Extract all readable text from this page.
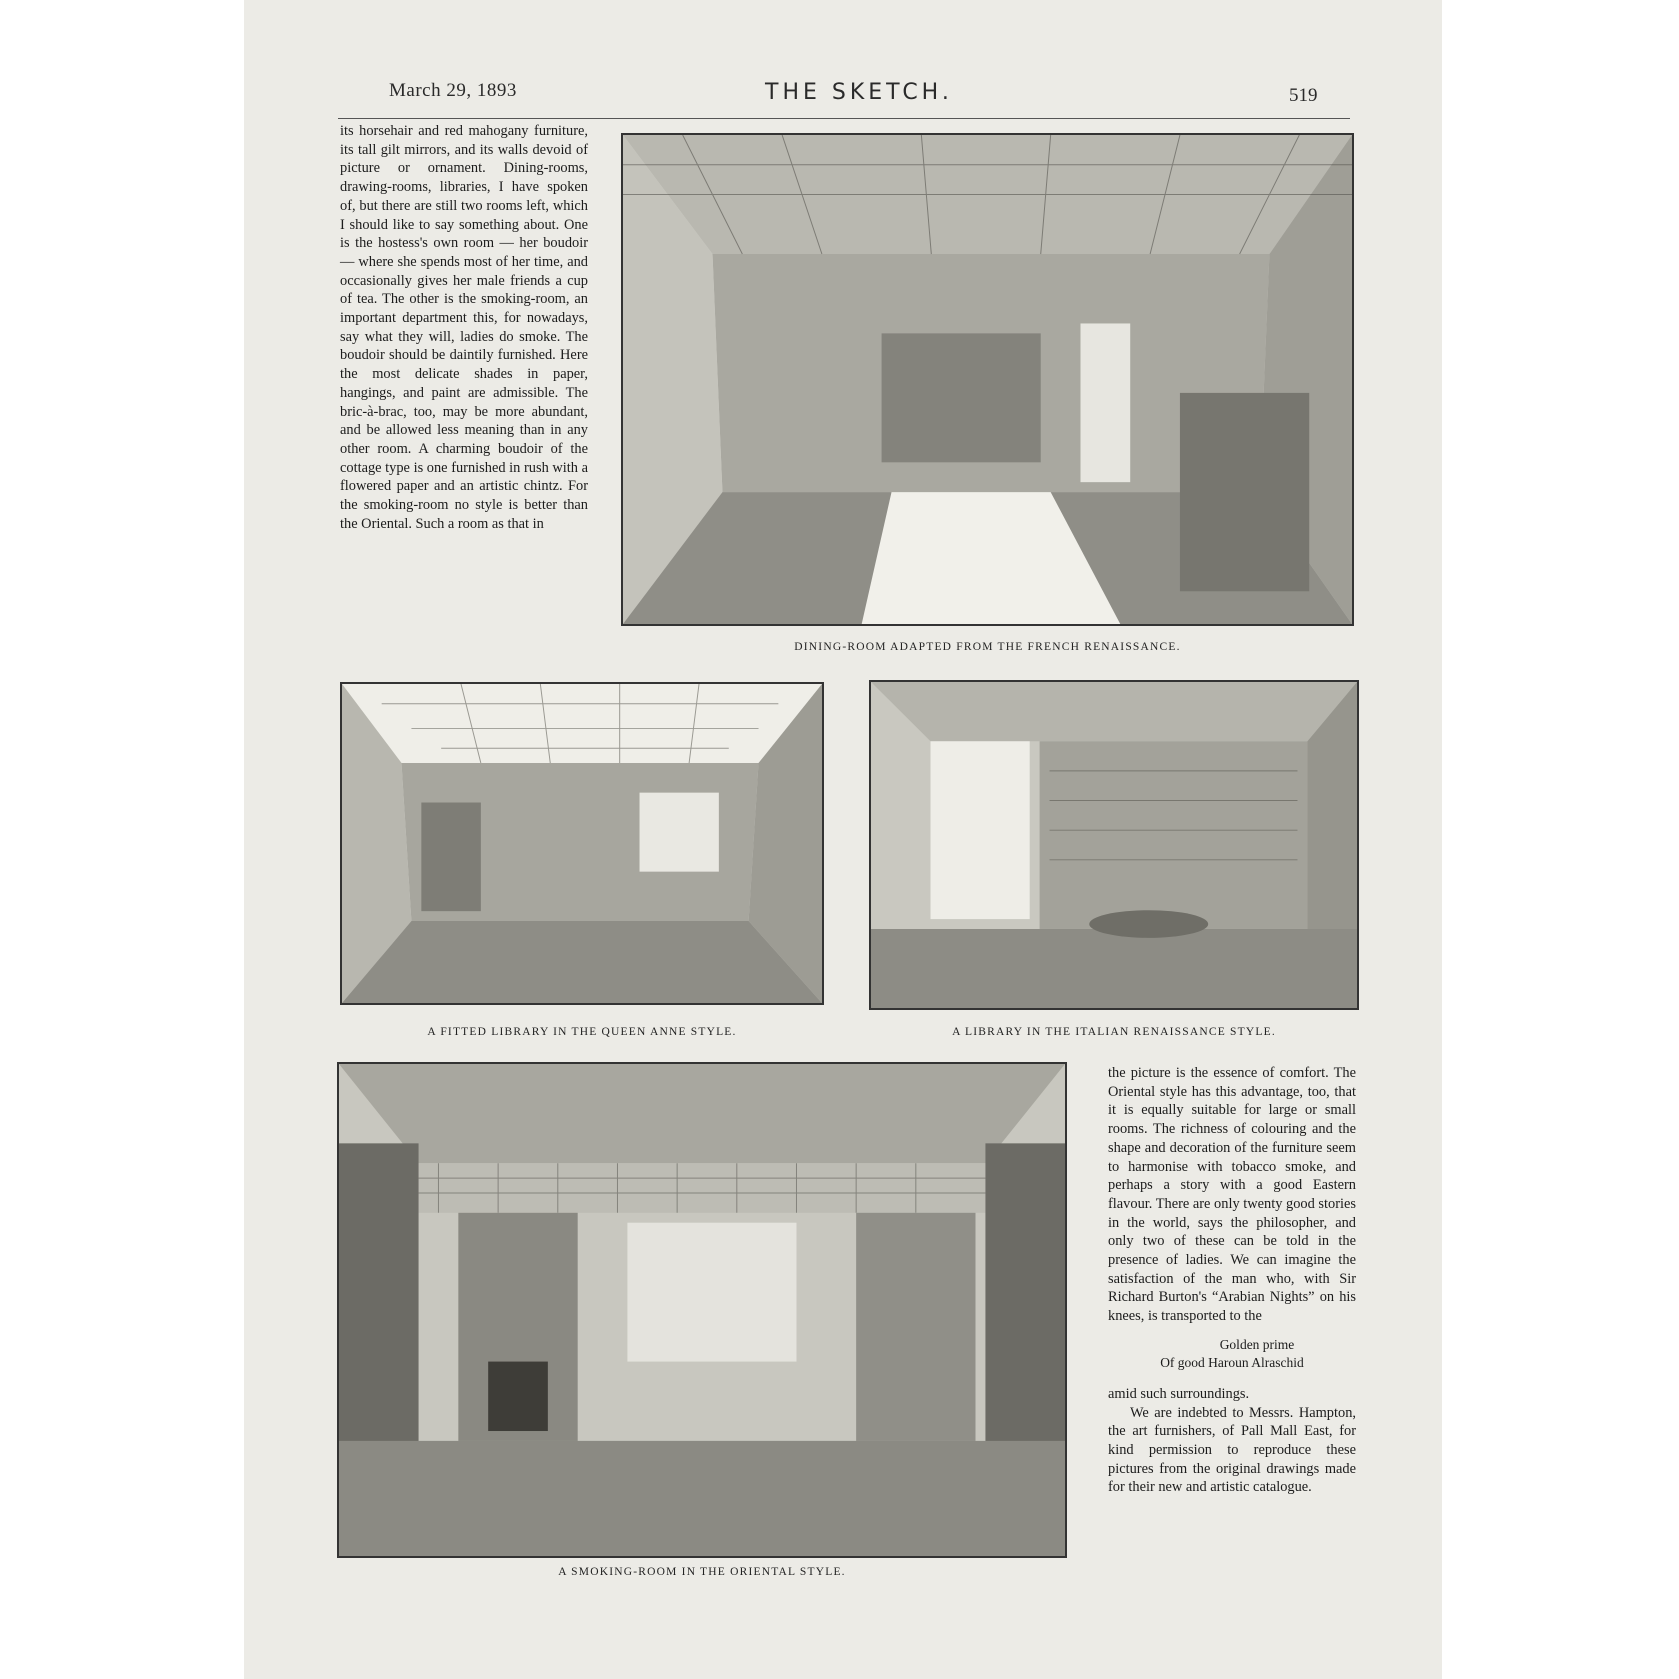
March 29, 1893	THE SKETCH.	519

its horsehair and red mahogany furniture, its tall gilt mirrors, and its walls devoid of picture or ornament. Dining-rooms, drawing-rooms, libraries, I have spoken of, but there are still two rooms left, which I should like to say something about. One is the hostess's own room — her boudoir — where she spends most of her time, and occasionally gives her male friends a cup of tea. The other is the smoking-room, an important department this, for nowadays, say what they will, ladies do smoke. The boudoir should be daintily furnished. Here the most delicate shades in paper, hangings, and paint are admissible. The bric-à-brac, too, may be more abundant, and be allowed less meaning than in any other room. A charming boudoir of the cottage type is one furnished in rush with a flowered paper and an artistic chintz. For the smoking-room no style is better than the Oriental. Such a room as that in

DINING-ROOM ADAPTED FROM THE FRENCH RENAISSANCE.
A FITTED LIBRARY IN THE QUEEN ANNE STYLE.	A LIBRARY IN THE ITALIAN RENAISSANCE STYLE.
A SMOKING-ROOM IN THE ORIENTAL STYLE.

the picture is the essence of comfort. The Oriental style has this advantage, too, that it is equally suitable for large or small rooms. The richness of colouring and the shape and decoration of the furniture seem to harmonise with tobacco smoke, and perhaps a story with a good Eastern flavour. There are only twenty good stories in the world, says the philosopher, and only two of these can be told in the presence of ladies. We can imagine the satisfaction of the man who, with Sir Richard Burton's “Arabian Nights” on his knees, is transported to the

Golden prime
Of good Haroun Alraschid

amid such surroundings.

We are indebted to Messrs. Hampton, the art furnishers, of Pall Mall East, for kind permission to reproduce these pictures from the original drawings made for their new and artistic catalogue.
